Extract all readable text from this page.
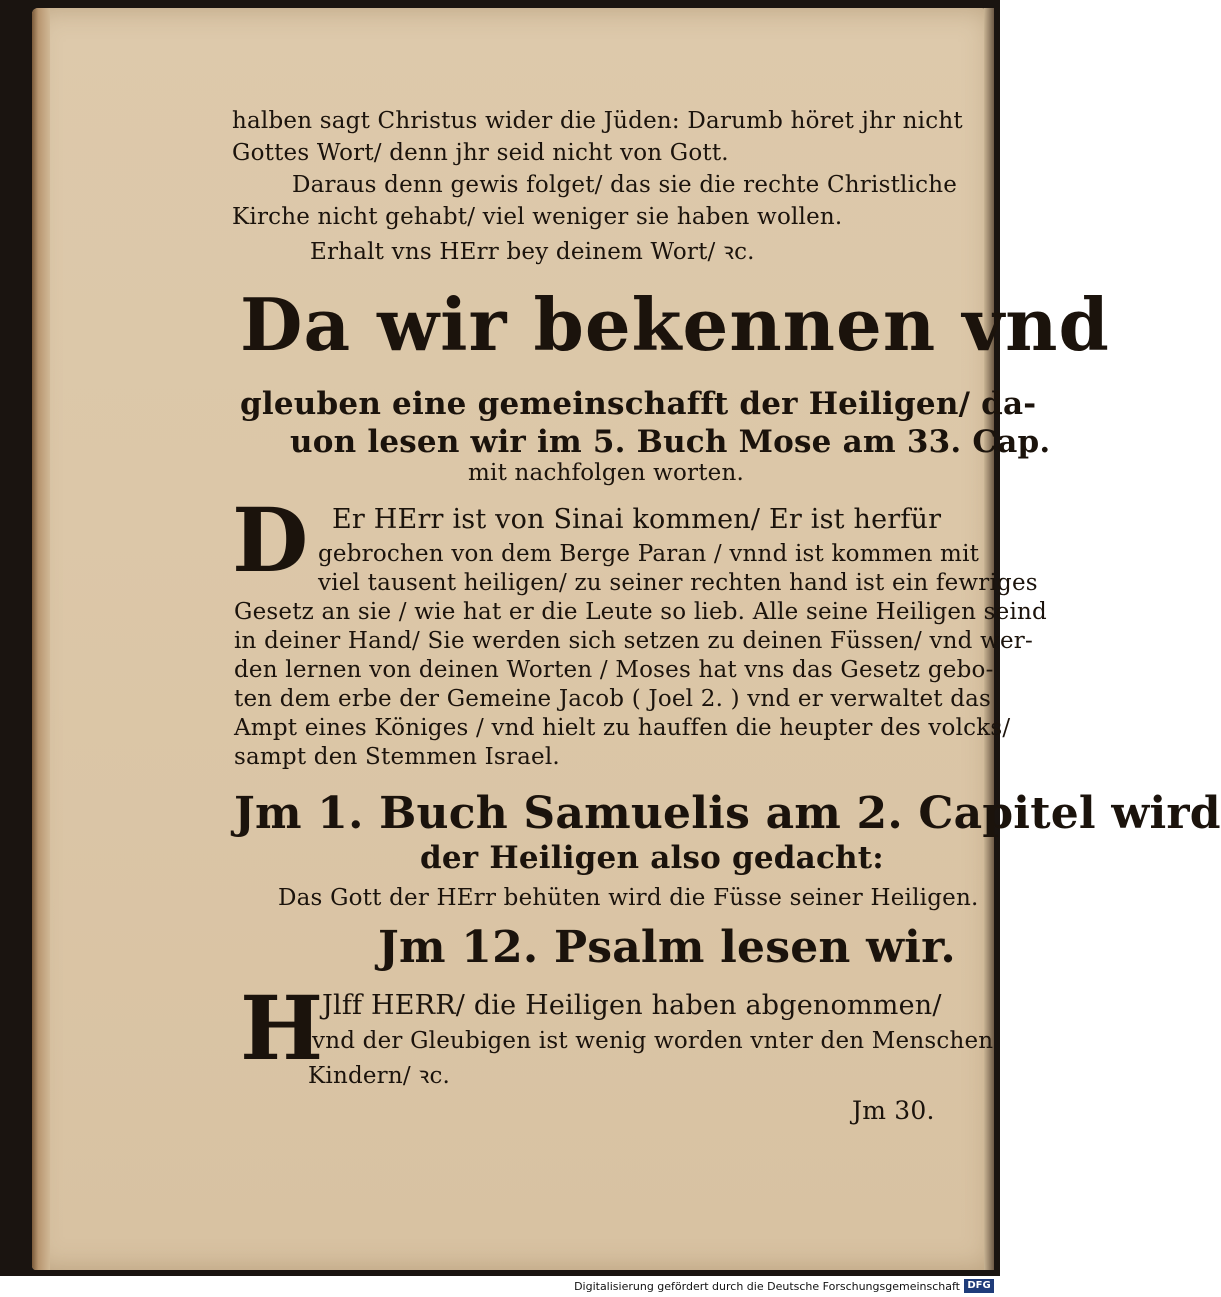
halben sagt Christus wider die Jüden: Darumb höret jhr nicht
Gottes Wort/ denn jhr seid nicht von Gott.
Daraus denn gewis folget/ das sie die rechte Christliche
Kirche nicht gehabt/ viel weniger sie haben wollen.
Erhalt vns HErr bey deinem Wort/ ꝛc.
Da wir bekennen vnd
gleuben eine gemeinschafft der Heiligen/ da-
uon lesen wir im 5. Buch Mose am 33. Cap.
mit nachfolgen worten.
D Er HErr ist von Sinai kommen/ Er ist herfür
gebrochen von dem Berge Paran / vnnd ist kommen mit
viel tausent heiligen/ zu seiner rechten hand ist ein fewriges
Gesetz an sie / wie hat er die Leute so lieb. Alle seine Heiligen seind
in deiner Hand/ Sie werden sich setzen zu deinen Füssen/ vnd wer-
den lernen von deinen Worten / Moses hat vns das Gesetz gebo-
ten dem erbe der Gemeine Jacob ( Joel 2. ) vnd er verwaltet das
Ampt eines Königes / vnd hielt zu hauffen die heupter des volcks/
sampt den Stemmen Israel.
Jm 1. Buch Samuelis am 2. Capitel wird
der Heiligen also gedacht:
Das Gott der HErr behüten wird die Füsse seiner Heiligen.
Jm 12. Psalm lesen wir.
H
Jlff HERR/ die Heiligen haben abgenommen/
vnd der Gleubigen ist wenig worden vnter den Menschen
Kindern/ ꝛc.
Jm 30.
Digitalisierung gefördert durch die Deutsche Forschungsgemeinschaft DFG
